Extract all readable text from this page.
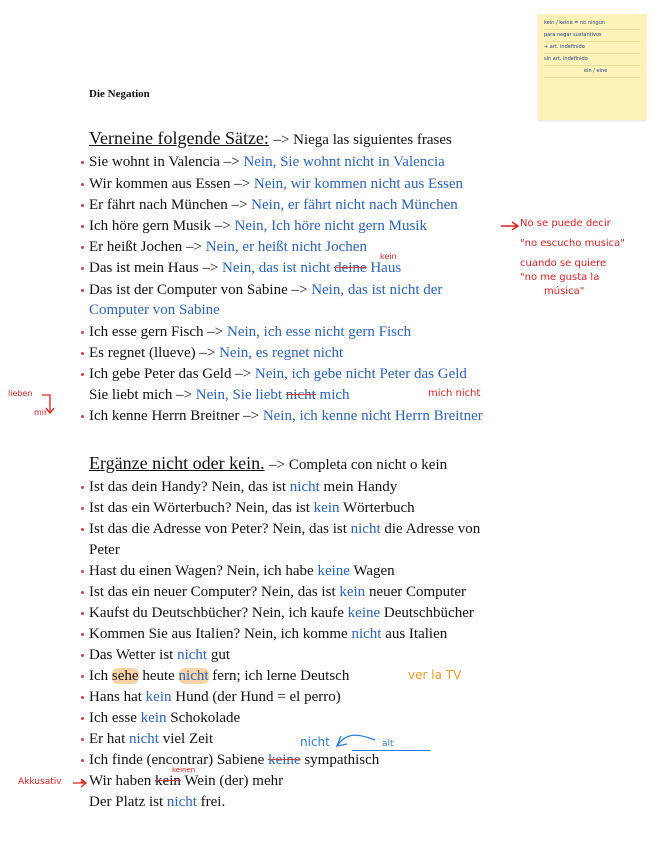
kein / keine = no ningun
para negar sustantivos
+ art. indefinido
sin art. indefinido
ein / eine
Die Negation
Verneine folgende Sätze: –> Niega las siguientes frases
Sie wohnt in Valencia –> Nein, Sie wohnt nicht in Valencia
Wir kommen aus Essen –> Nein, wir kommen nicht aus Essen
Er fährt nach München –> Nein, er fährt nicht nach München
Ich höre gern Musik –> Nein, Ich höre nicht gern Musik
Er heißt Jochen –> Nein, er heißt nicht Jochen
Das ist mein Haus –> Nein, das ist nicht deine Haus
Das ist der Computer von Sabine –> Nein, das ist nicht der
Computer von Sabine
Ich esse gern Fisch –> Nein, ich esse nicht gern Fisch
Es regnet (llueve) –> Nein, es regnet nicht
Ich gebe Peter das Geld –> Nein, ich gebe nicht Peter das Geld
Sie liebt mich –> Nein, Sie liebt nicht mich
Ich kenne Herrn Breitner –> Nein, ich kenne nicht Herrn Breitner
Ergänze nicht oder kein. –> Completa con nicht o kein
Ist das dein Handy? Nein, das ist nicht mein Handy
Ist das ein Wörterbuch? Nein, das ist kein Wörterbuch
Ist das die Adresse von Peter? Nein, das ist nicht die Adresse von
Peter
Hast du einen Wagen? Nein, ich habe keine Wagen
Ist das ein neuer Computer? Nein, das ist kein neuer Computer
Kaufst du Deutschbücher? Nein, ich kaufe keine Deutschbücher
Kommen Sie aus Italien? Nein, ich komme nicht aus Italien
Das Wetter ist nicht gut
Ich sehe heute nicht fern; ich lerne Deutsch
Hans hat kein Hund (der Hund = el perro)
Ich esse kein Schokolade
Er hat nicht viel Zeit
Ich finde (encontrar) Sabiene keine sympathisch
Wir haben kein Wein (der) mehr
Der Platz ist nicht frei.
No se puede decir
"no escucho musica"
cuando se quiere
"no me gusta la
música"
kein
mich nicht
lieben
mir
ver la TV
nicht	alt
keinen
Akkusativ
